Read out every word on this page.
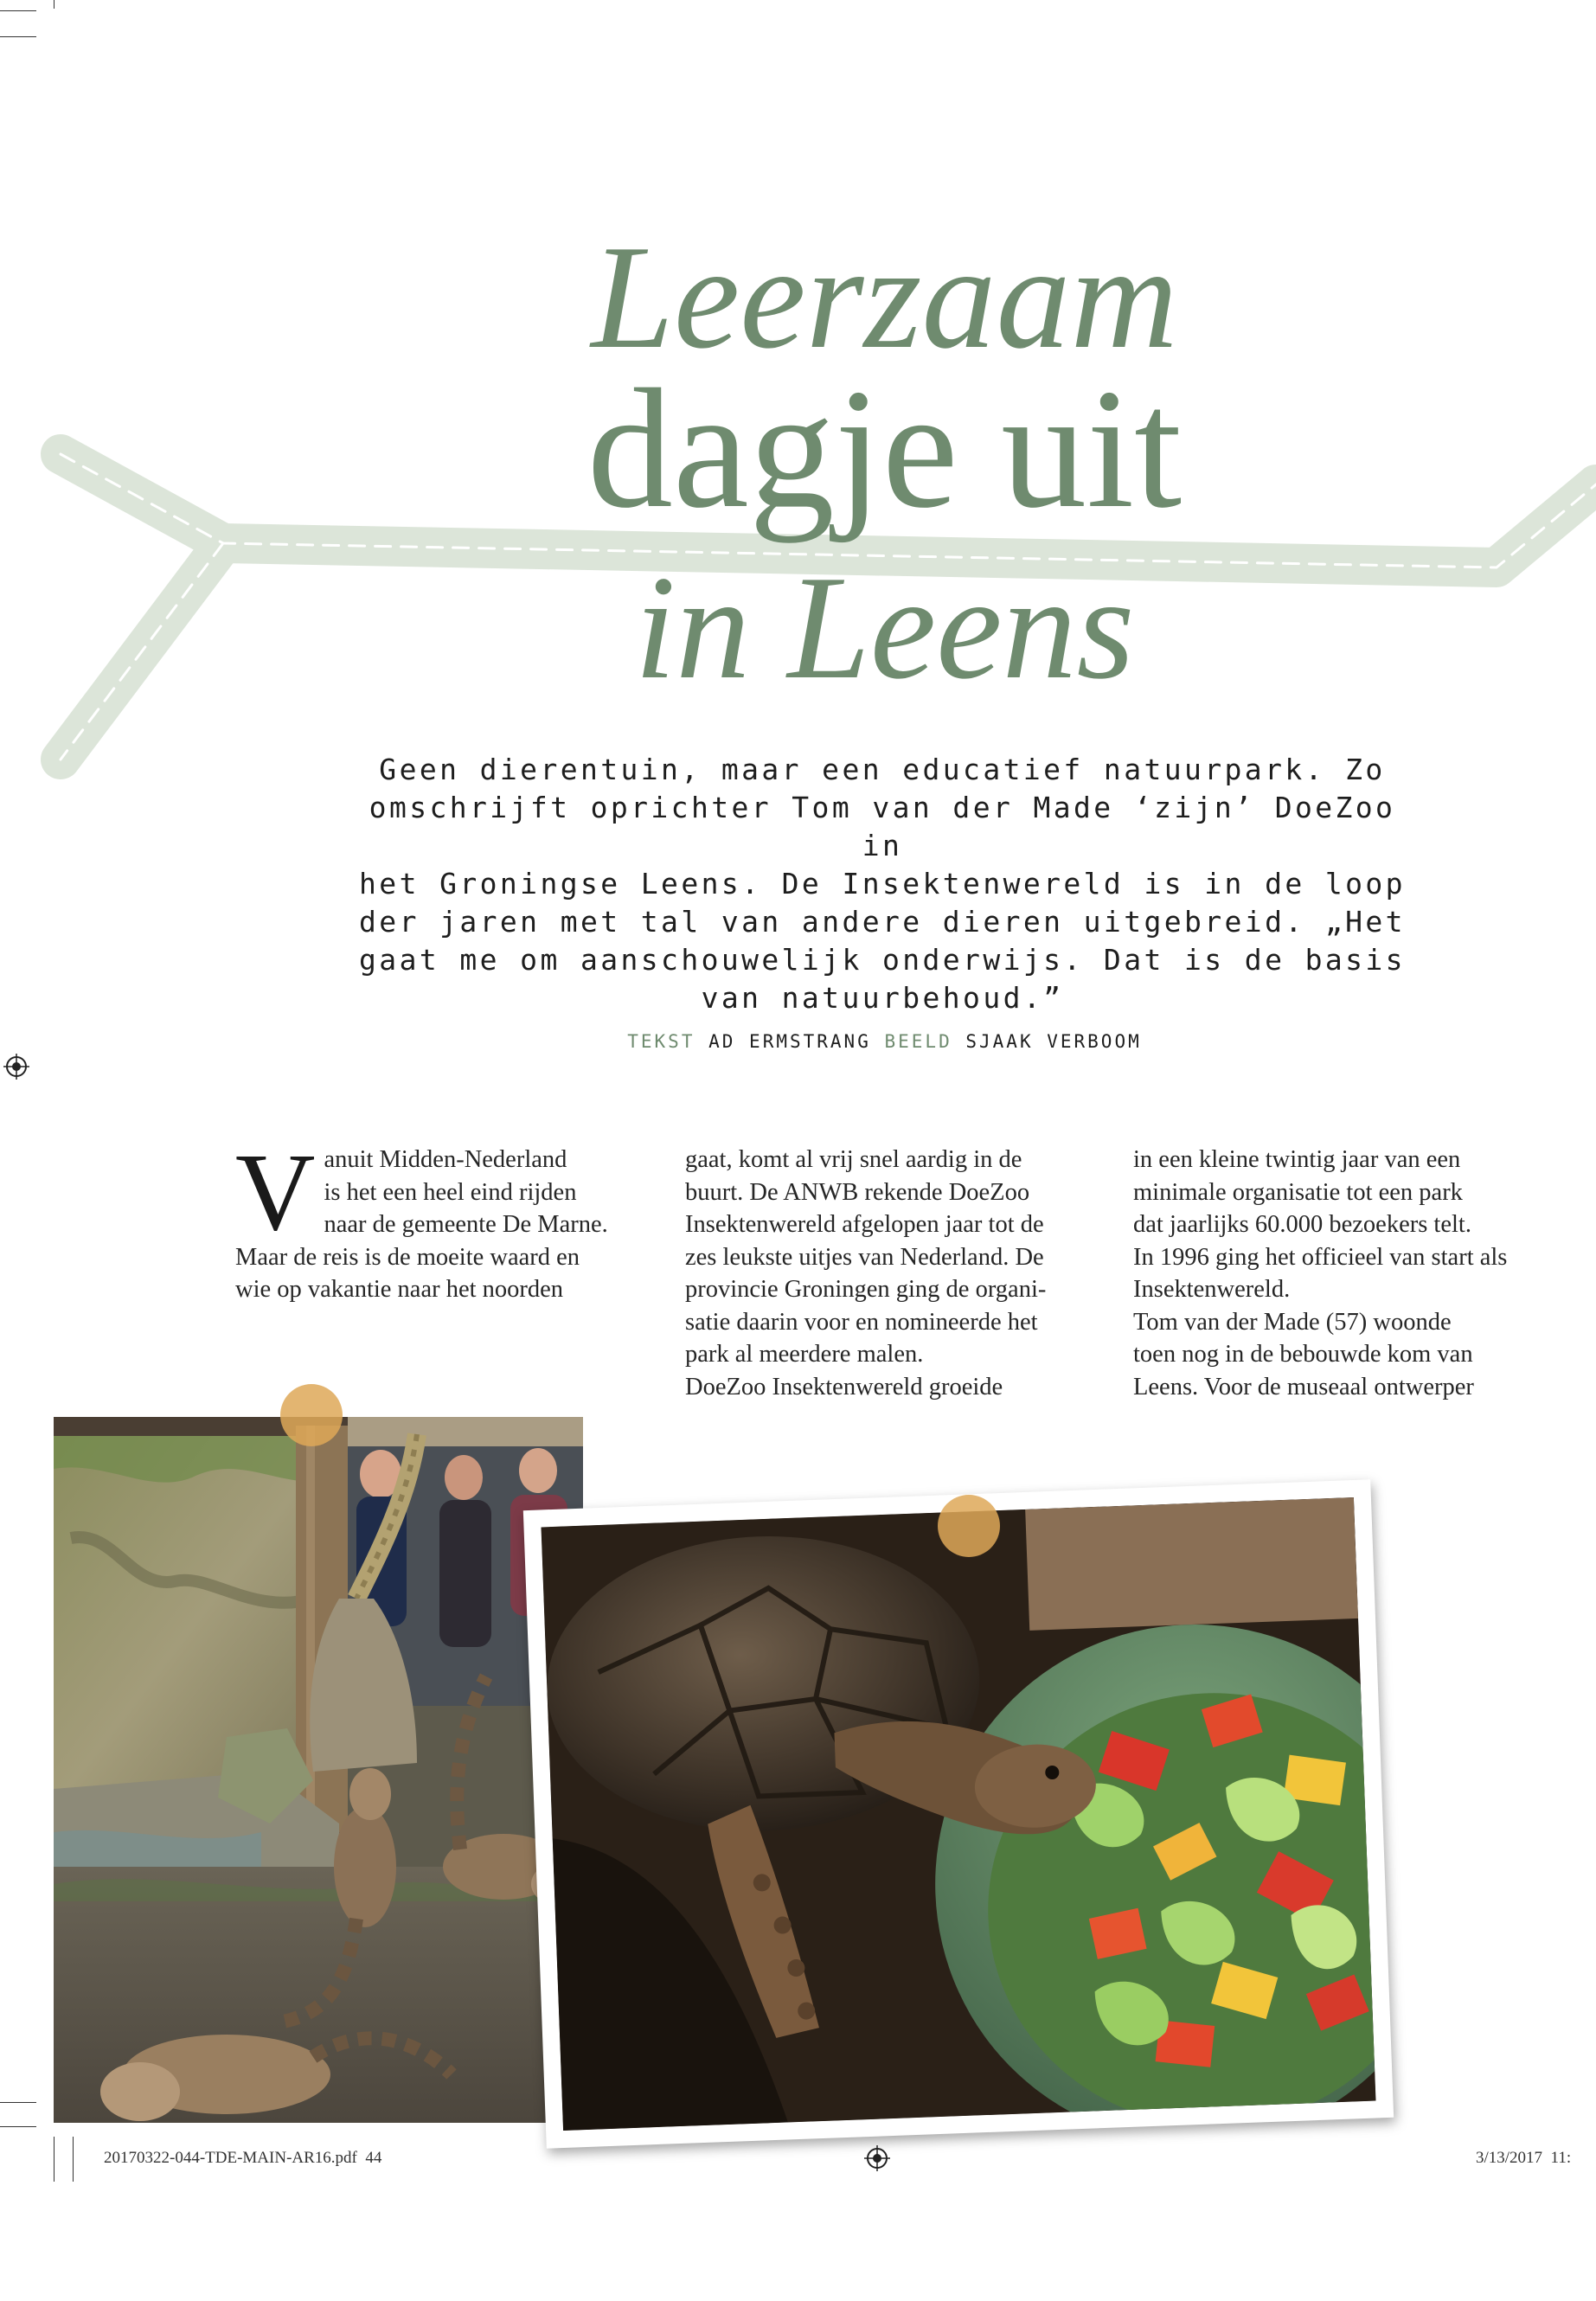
Leerzaam
dagje uit
in Leens
Geen dierentuin, maar een educatief natuurpark. Zo
omschrijft oprichter Tom van der Made ‘zijn’ DoeZoo in
het Groningse Leens. De Insektenwereld is in de loop
der jaren met tal van andere dieren uitgebreid. „Het
gaat me om aanschouwelijk onderwijs. Dat is de basis
van natuurbehoud.”
TEKST AD ERMSTRANG BEELD SJAAK VERBOOM
V anuit Midden-Nederland
is het een heel eind rijden
naar de gemeente De Marne.
Maar de reis is de moeite waard en
wie op vakantie naar het noorden
gaat, komt al vrij snel aardig in de
buurt. De ANWB rekende DoeZoo
Insektenwereld afgelopen jaar tot de
zes leukste uitjes van Nederland. De
provincie Groningen ging de organi-
satie daarin voor en nomineerde het
park al meerdere malen.
DoeZoo Insektenwereld groeide
in een kleine twintig jaar van een
minimale organisatie tot een park
dat jaarlijks 60.000 bezoekers telt.
In 1996 ging het officieel van start als
Insektenwereld.
Tom van der Made (57) woonde
toen nog in de bebouwde kom van
Leens. Voor de museaal ontwerper
20170322-044-TDE-MAIN-AR16.pdf  44	3/13/2017  11:
